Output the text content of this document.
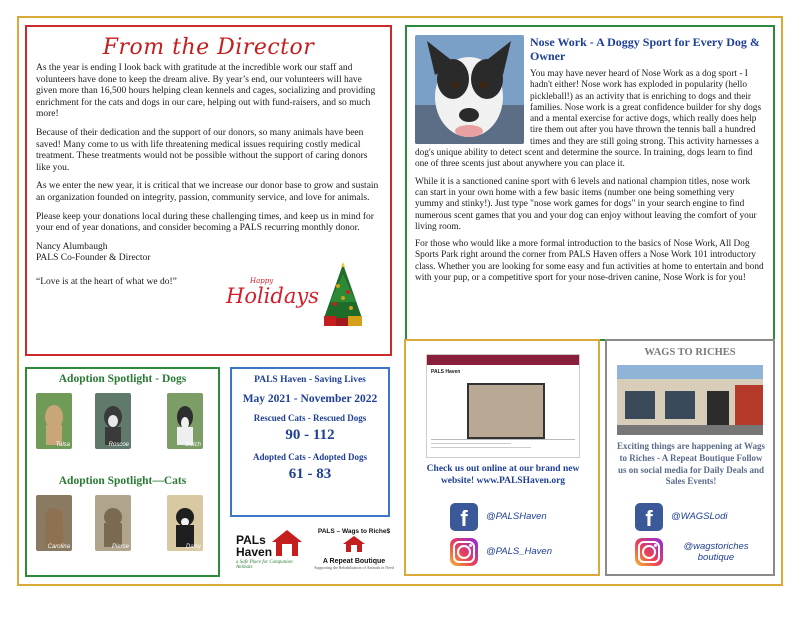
From the Director

As the year is ending I look back with gratitude at the incredible work our staff and volunteers have done to keep the dream alive. By year’s end, our volunteers will have given more than 16,500 hours helping clean kennels and cages, socializing and providing enrichment for the cats and dogs in our care, helping out with fund-raisers, and so much more!

Because of their dedication and the support of our donors, so many animals have been saved! Many come to us with life threatening medical issues requiring costly medical treatment. These treatments would not be possible without the support of caring donors like you.

As we enter the new year, it is critical that we increase our donor base to grow and sustain an organization founded on integrity, passion, community service, and love for animals.

Please keep your donations local during these challenging times, and keep us in mind for your end of year donations, and consider becoming a PALS recurring monthly donor.

Nancy Alumbaugh
PALS Co-Founder & Director
“Love is at the heart of what we do!”	Happy
Holidays
Nose Work - A Doggy Sport for Every Dog & Owner

You may have never heard of Nose Work as a dog sport - I hadn't either! Nose work has exploded in popularity (hello pickleball!) as an activity that is enriching to dogs and their families. Nose work is a great confidence builder for shy dogs and a mental exercise for active dogs, which really does help tire them out after you have thrown the tennis ball a hundred times and they are still going strong. This activity harnesses a dog's unique ability to detect scent and determine the source. In training, dogs learn to find one of three scents just about anywhere you can place it.

While it is a sanctioned canine sport with 6 levels and national champion titles, nose work can start in your own home with a few basic items (number one being something very yummy and stinky!). Just type "nose work games for dogs" in your search engine to find numerous scent games that you and your dog can enjoy without leaving the comfort of your living room.

For those who would like a more formal introduction to the basics of Nose Work, All Dog Sports Park right around the corner from PALS Haven offers a Nose Work 101 introductory class. Whether you are looking for some easy and fun activities at home to entertain and bond with your pup, or a competitive sport for your nose-driven canine, Nose Work is for you!

Adoption Spotlight - Dogs
Tulsa	Roscoe	Dutch
Adoption Spotlight—Cats
Carolina	Pierce	Daisy
PALS Haven - Saving Lives
May 2021 - November 2022
Rescued Cats - Rescued Dogs
90 - 112
Adopted Cats - Adopted Dogs
61 - 83
PALs Haven
a Safe Place for Companion Animals
PALS – Wags to Riche$
A Repeat Boutique
Supporting the Rehabilitation of Animals in Need
PALS Haven
Check us out online at our brand new website! www.PALSHaven.org
f	@PALSHaven
@PALS_Haven
WAGS TO RICHES
Exciting things are happening at Wags to Riches - A Repeat Boutique Follow us on social media for Daily Deals and Sales Events!
f	@WAGSLodi
@wagstoriches
boutique
